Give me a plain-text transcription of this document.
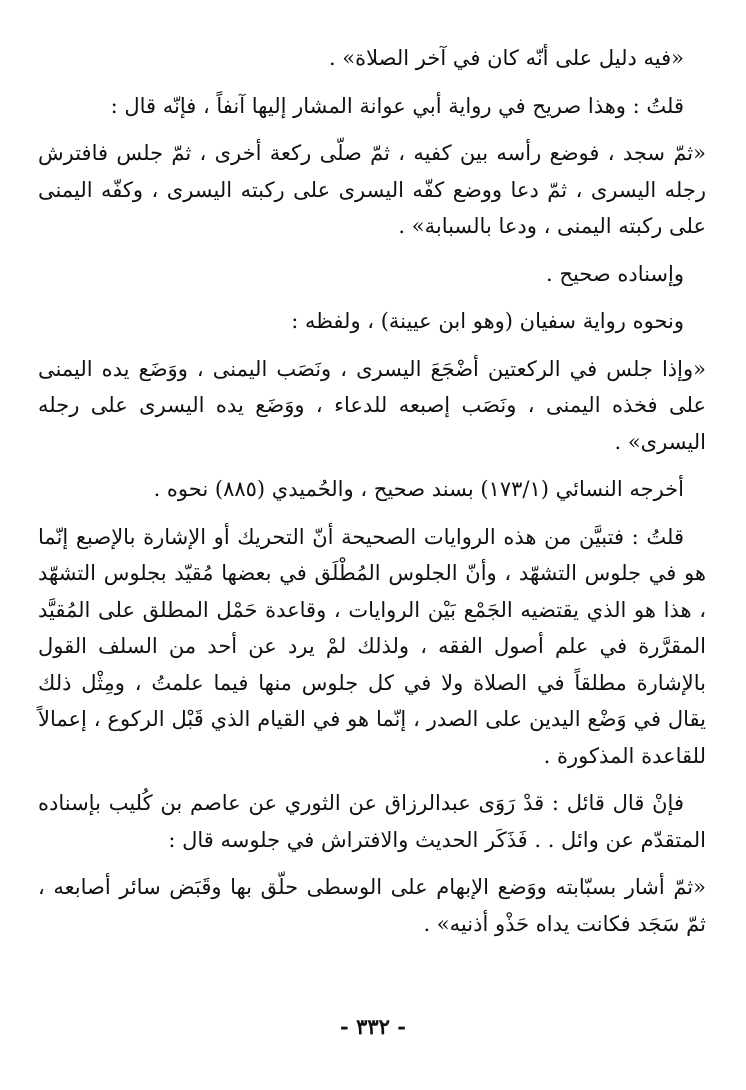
«فيه دليل على أنّه كان في آخر الصلاة» .

قلتُ : وهذا صريح في رواية أبي عوانة المشار إليها آنفاً ، فإنّه قال :

«ثمّ سجد ، فوضع رأسه بين كفيه ، ثمّ صلّى ركعة أخرى ، ثمّ جلس فافترش رجله اليسرى ، ثمّ دعا ووضع كفّه اليسرى على ركبته اليسرى ، وكفّه اليمنى على ركبته اليمنى ، ودعا بالسبابة» .

وإسناده صحيح .

ونحوه رواية سفيان (وهو ابن عيينة) ، ولفظه :

«وإذا جلس في الركعتين أضْجَعَ اليسرى ، ونَصَب اليمنى ، ووَضَع يده اليمنى على فخذه اليمنى ، ونَصَب إصبعه للدعاء ، ووَضَع يده اليسرى على رجله اليسرى» .

أخرجه النسائي (١٧٣/١) بسند صحيح ، والحُميدي (٨٨٥) نحوه .

قلتُ : فتبيَّن من هذه الروايات الصحيحة أنّ التحريك أو الإشارة بالإصبع إنّما هو في جلوس التشهّد ، وأنّ الجلوس المُطْلَق في بعضها مُقيّد بجلوس التشهّد ، هذا هو الذي يقتضيه الجَمْع بَيْن الروايات ، وقاعدة حَمْل المطلق على المُقيَّد المقرَّرة في علم أصول الفقه ، ولذلك لمْ يرد عن أحد من السلف القول بالإشارة مطلقاً في الصلاة ولا في كل جلوس منها فيما علمتُ ، ومِثْل ذلك يقال في وَضْع اليدين على الصدر ، إنّما هو في القيام الذي قَبْل الركوع ، إعمالاً للقاعدة المذكورة .

فإنْ قال قائل : قدْ رَوَى عبدالرزاق عن الثوري عن عاصم بن كُليب بإسناده المتقدّم عن وائل . . فَذَكَر الحديث والافتراش في جلوسه قال :

«ثمّ أشار بسبّابته ووَضع الإبهام على الوسطى حلّق بها وقَبَض سائر أصابعه ، ثمّ سَجَد فكانت يداه حَذْو أذنيه» .

- ٣٣٢ -
